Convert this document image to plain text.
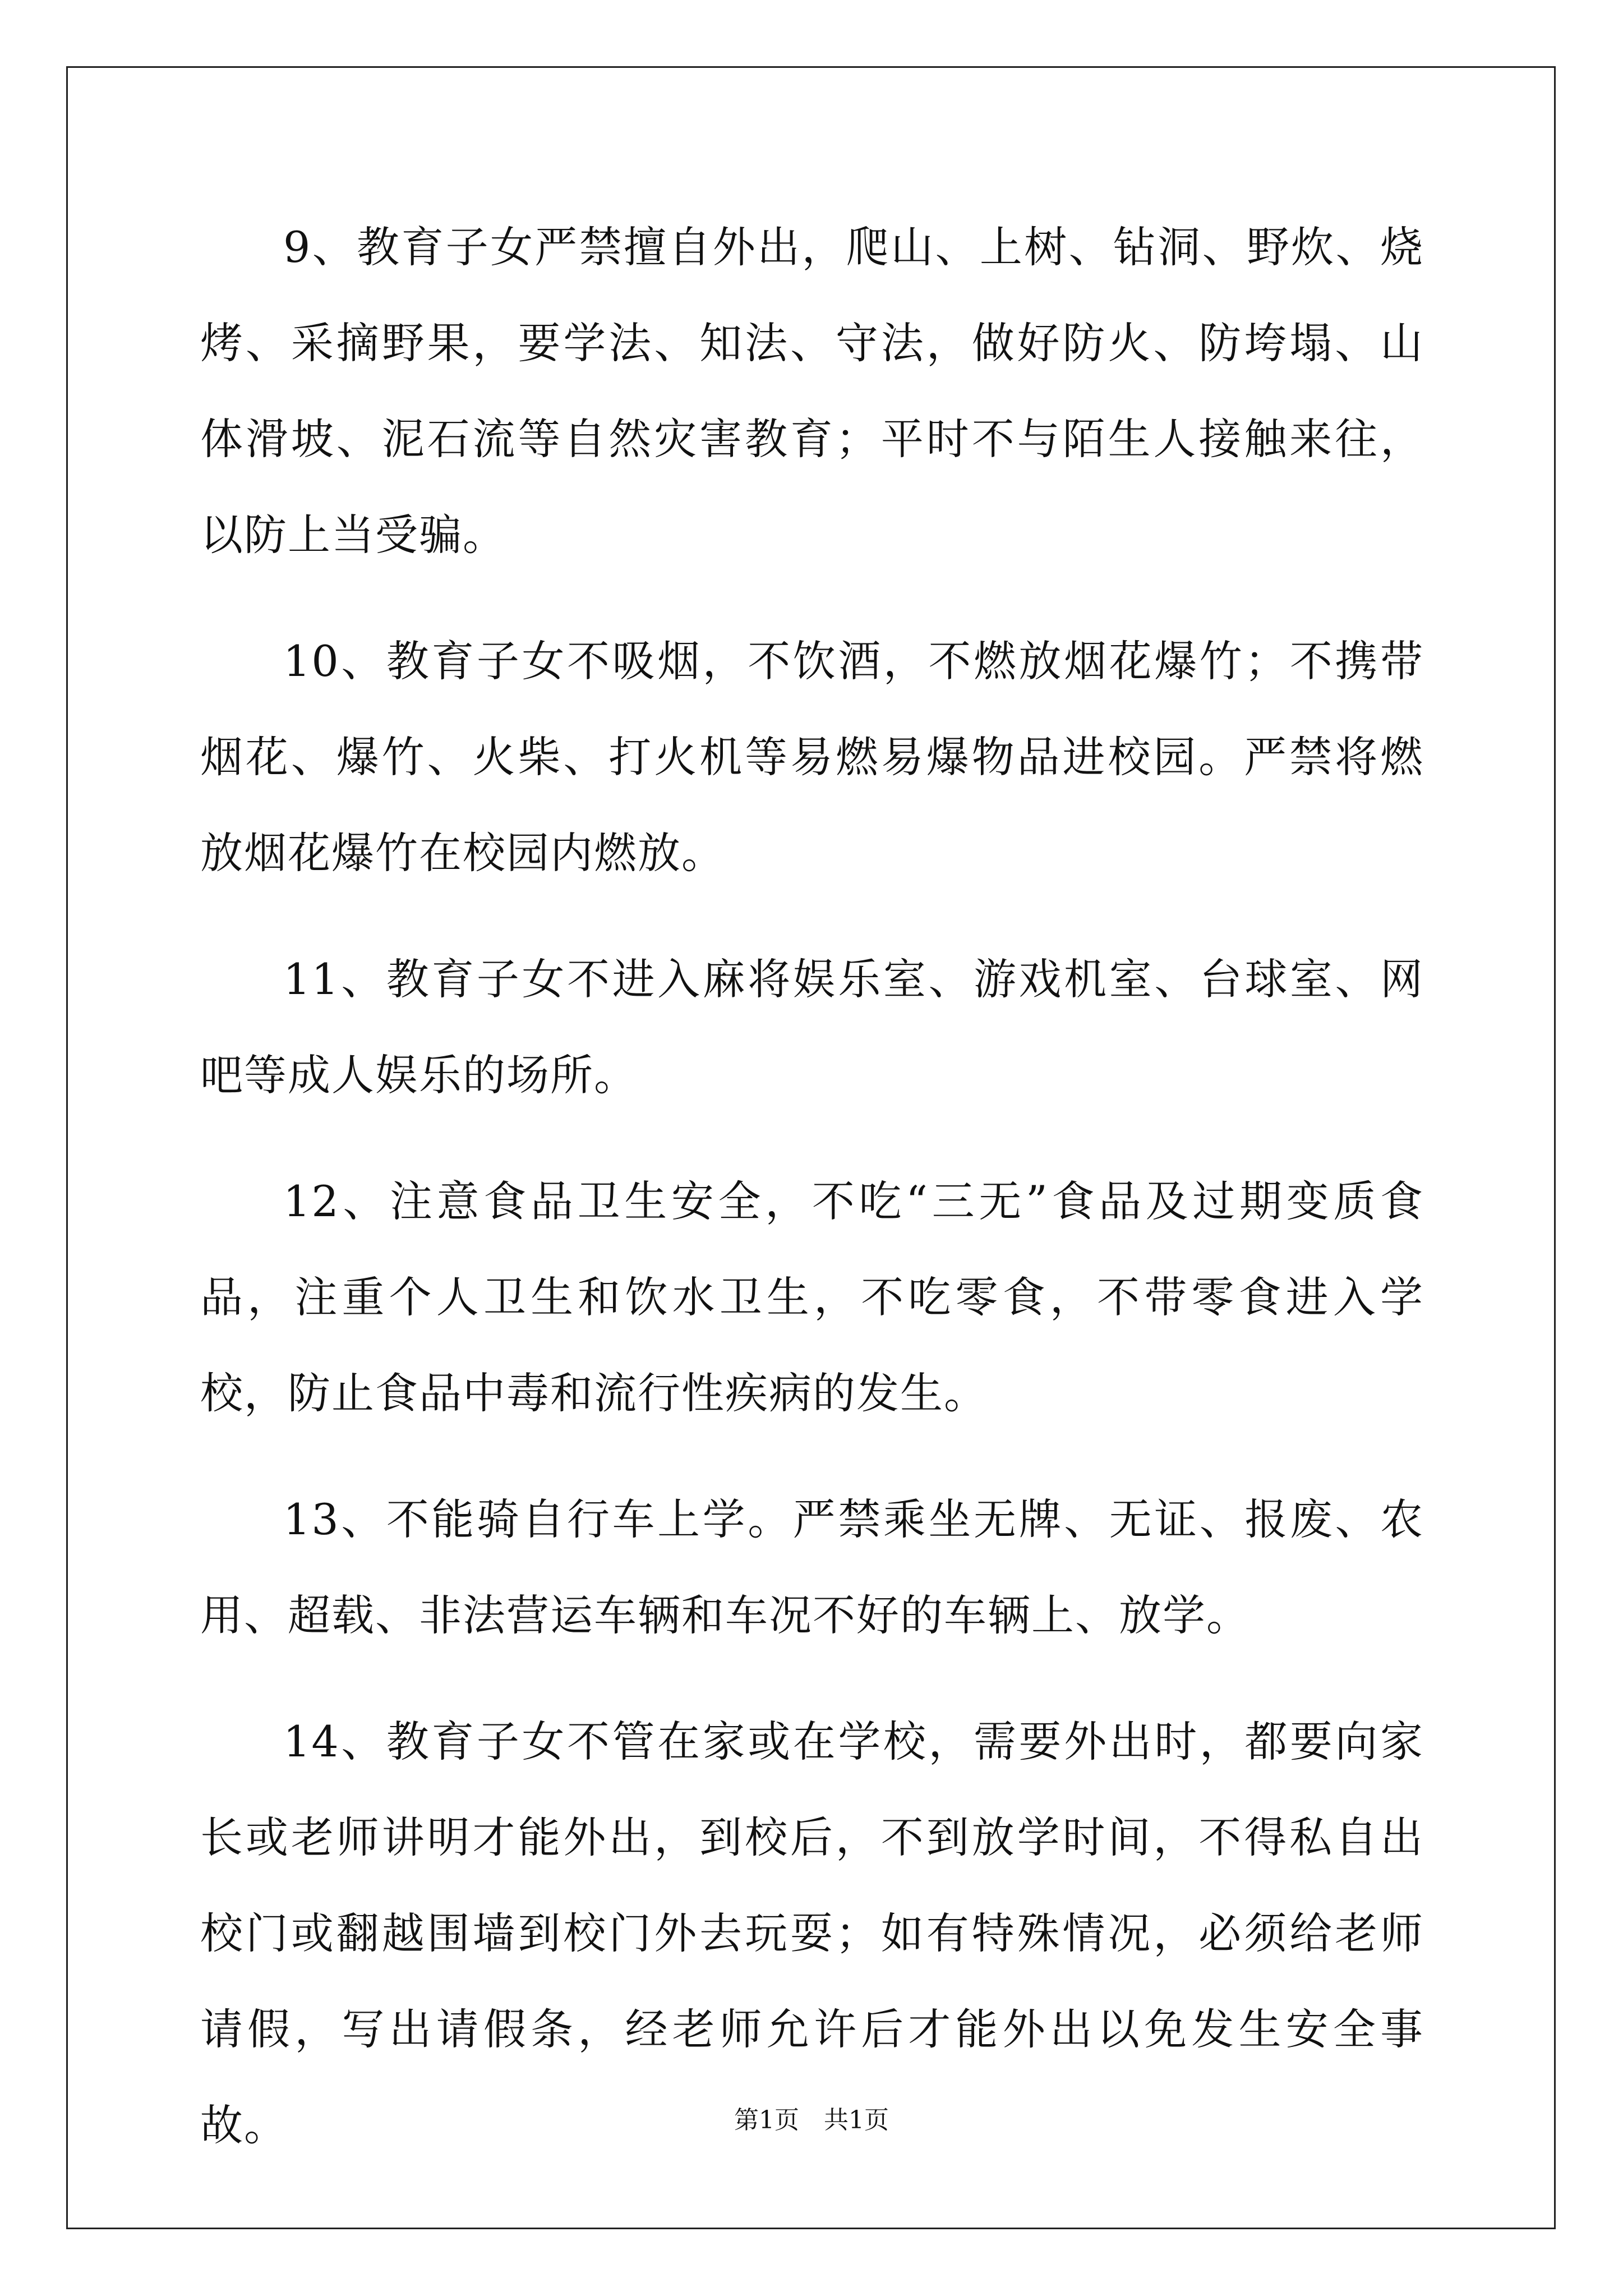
9、教育子女严禁擅自外出，爬山、上树、钻洞、野炊、烧烤、采摘野果，要学法、知法、守法，做好防火、防垮塌、山体滑坡、泥石流等自然灾害教育；平时不与陌生人接触来往，以防上当受骗。

10、教育子女不吸烟，不饮酒，不燃放烟花爆竹；不携带烟花、爆竹、火柴、打火机等易燃易爆物品进校园。严禁将燃放烟花爆竹在校园内燃放。

11、教育子女不进入麻将娱乐室、游戏机室、台球室、网吧等成人娱乐的场所。

12、注意食品卫生安全，不吃“三无”食品及过期变质食品，注重个人卫生和饮水卫生，不吃零食，不带零食进入学校，防止食品中毒和流行性疾病的发生。

13、不能骑自行车上学。严禁乘坐无牌、无证、报废、农用、超载、非法营运车辆和车况不好的车辆上、放学。

14、教育子女不管在家或在学校，需要外出时，都要向家长或老师讲明才能外出，到校后，不到放学时间，不得私自出校门或翻越围墙到校门外去玩耍；如有特殊情况，必须给老师请假，写出请假条，经老师允许后才能外出以免发生安全事故。	第1页 共1页
